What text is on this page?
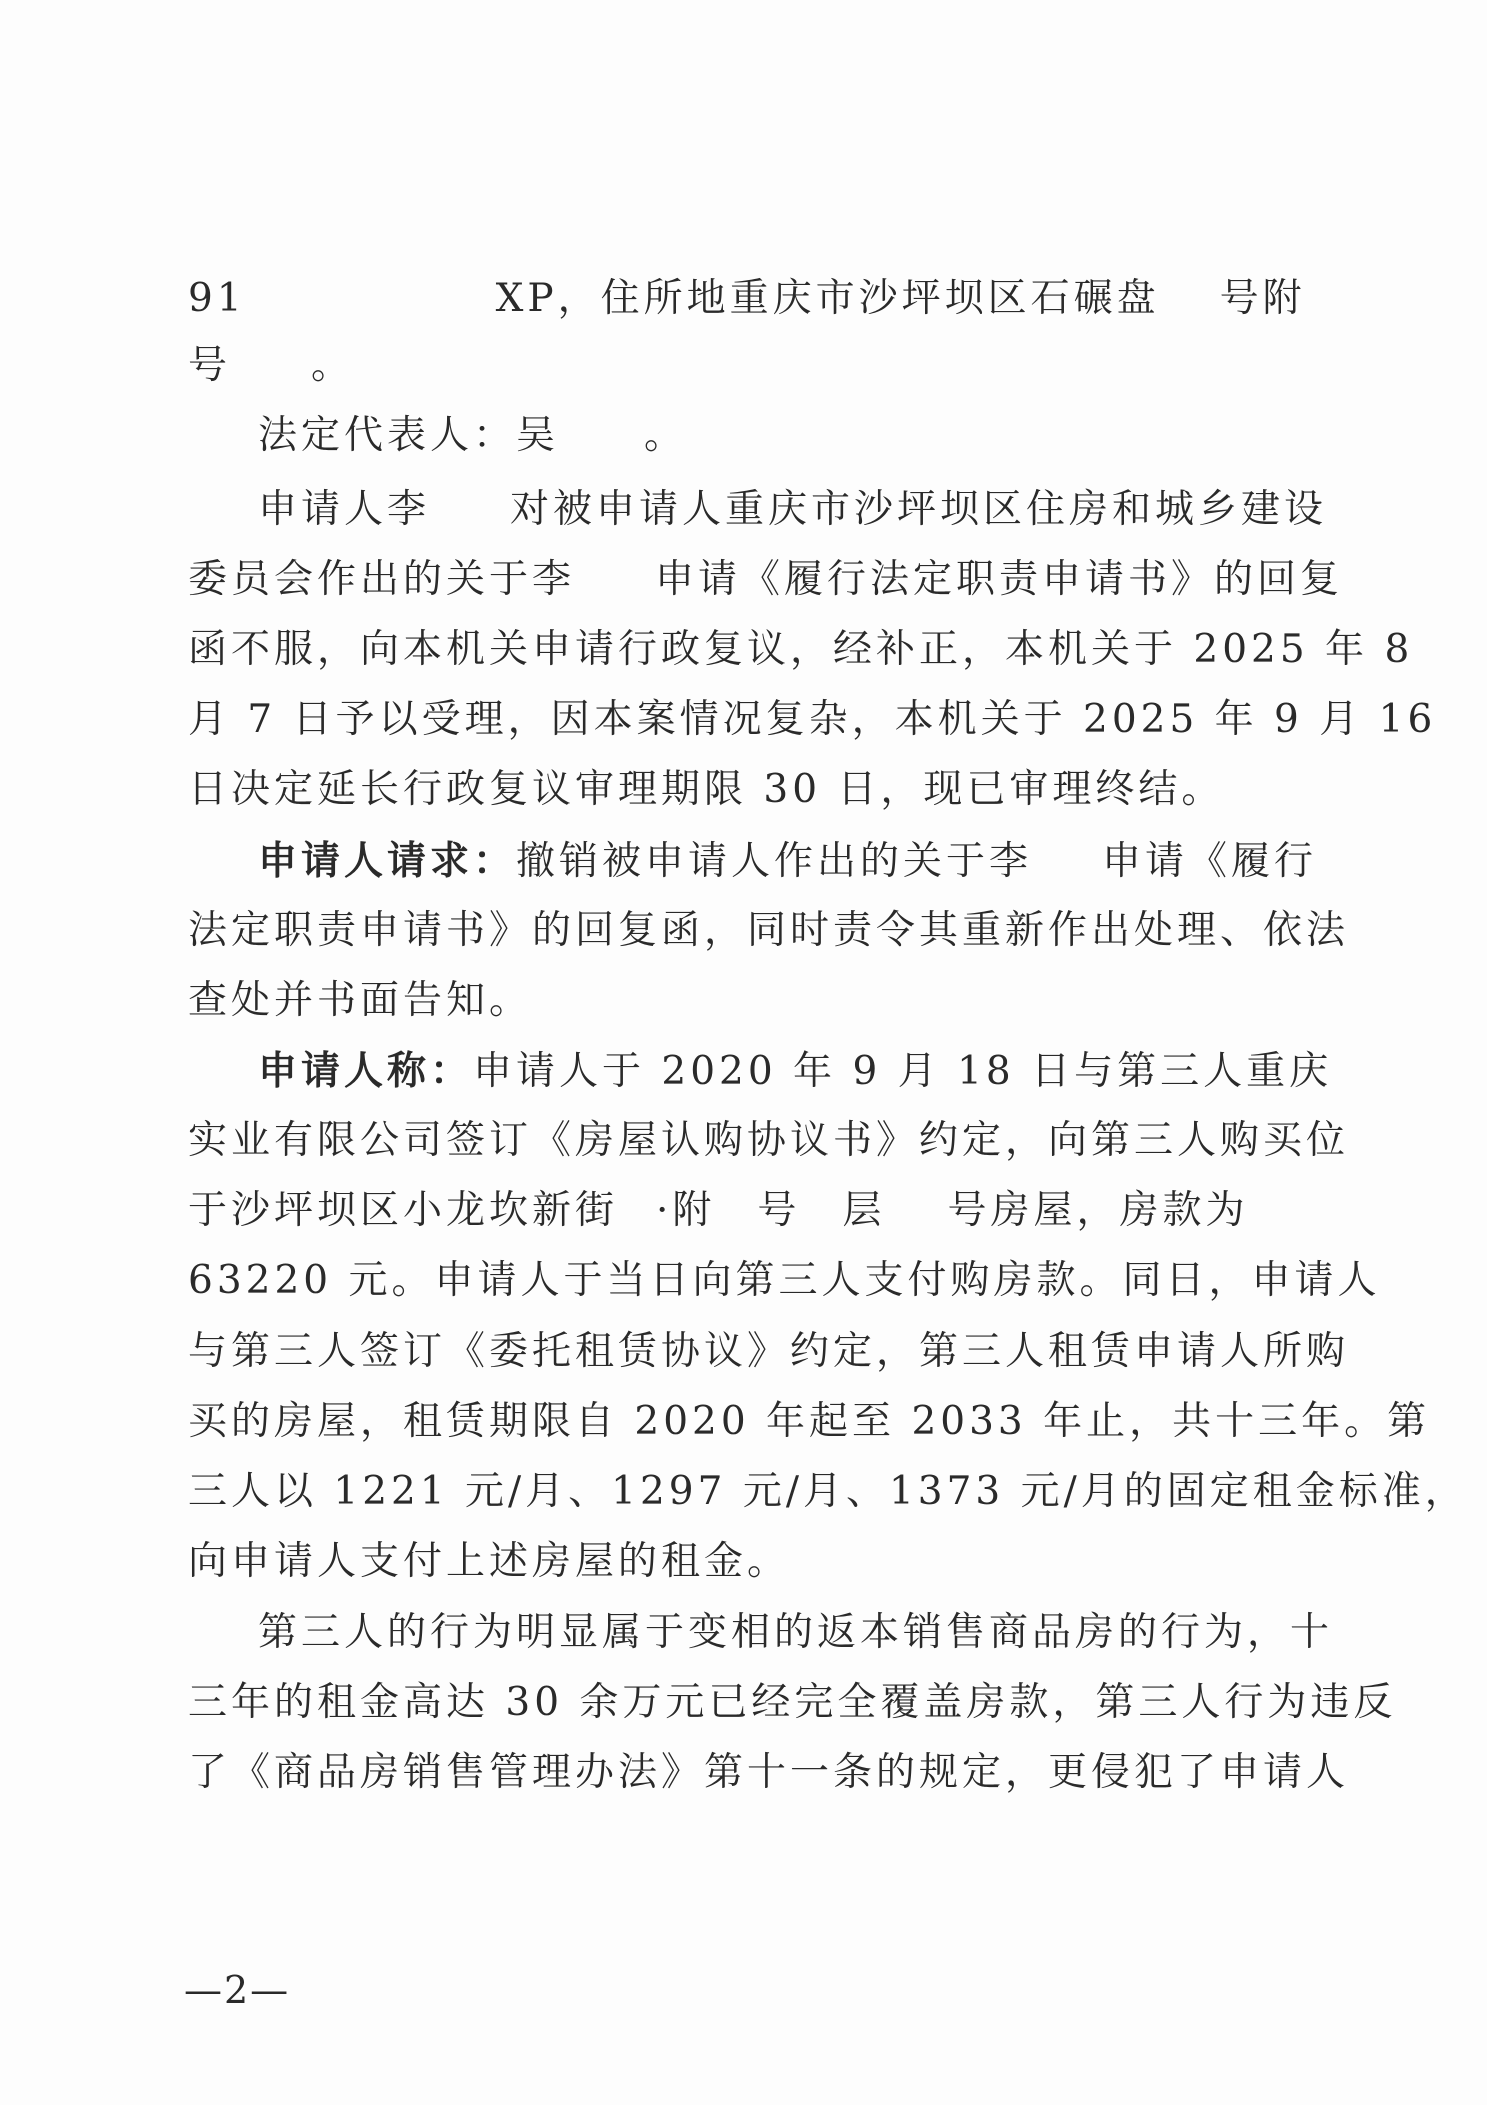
91	XP，住所地重庆市沙坪坝区石碾盘 号附
号 。
法定代表人：吴 。
申请人李 对被申请人重庆市沙坪坝区住房和城乡建设
委员会作出的关于李 申请《履行法定职责申请书》的回复
函不服，向本机关申请行政复议，经补正，本机关于 2025 年 8
月 7 日予以受理，因本案情况复杂，本机关于 2025 年 9 月 16
日决定延长行政复议审理期限 30 日，现已审理终结。
申请人请求：撤销被申请人作出的关于李 申请《履行
法定职责申请书》的回复函，同时责令其重新作出处理、依法
查处并书面告知。
申请人称：申请人于 2020 年 9 月 18 日与第三人重庆
实业有限公司签订《房屋认购协议书》约定，向第三人购买位
于沙坪坝区小龙坎新街 ·附 号 层 号房屋，房款为
63220 元。申请人于当日向第三人支付购房款。同日，申请人
与第三人签订《委托租赁协议》约定，第三人租赁申请人所购
买的房屋，租赁期限自 2020 年起至 2033 年止，共十三年。第
三人以 1221 元/月、1297 元/月、1373 元/月的固定租金标准，
向申请人支付上述房屋的租金。
第三人的行为明显属于变相的返本销售商品房的行为，十
三年的租金高达 30 余万元已经完全覆盖房款，第三人行为违反
了《商品房销售管理办法》第十一条的规定，更侵犯了申请人
—2—
